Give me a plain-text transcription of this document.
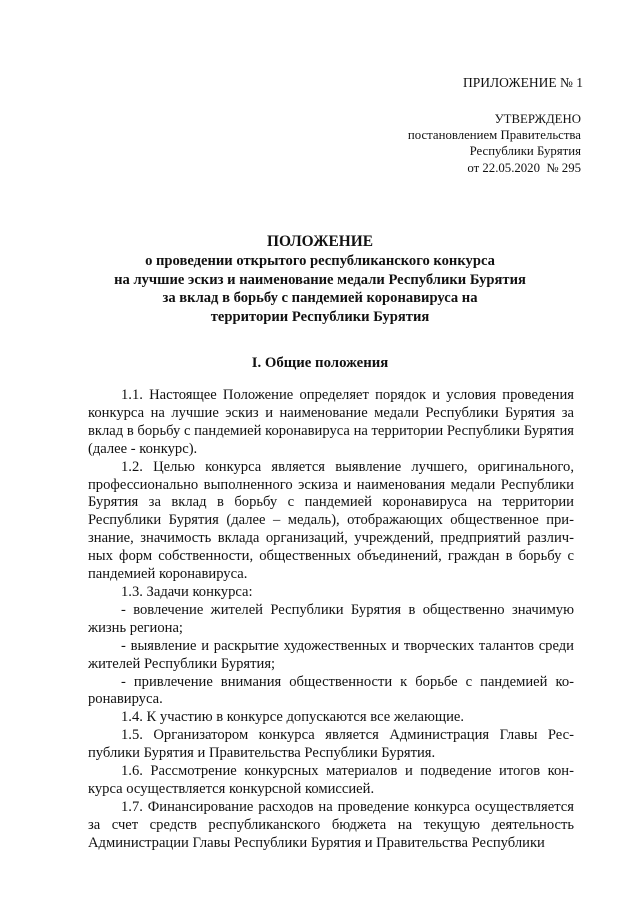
ПРИЛОЖЕНИЕ № 1
УТВЕРЖДЕНО
постановлением Правительства
Республики Бурятия
от 22.05.2020  № 295
ПОЛОЖЕНИЕ
о проведении открытого республиканского конкурса
на лучшие эскиз и наименование медали Республики Бурятия
за вклад в борьбу с пандемией коронавируса на
территории Республики Бурятия
I. Общие положения

1.1. Настоящее Положение определяет порядок и условия проведения конкурса на лучшие эскиз и наименование медали Республики Бурятия за вклад в борьбу с пандемией коронавируса на территории Республики Бурятия (далее - конкурс).

1.2. Целью конкурса является выявление лучшего, оригинального, профессионально выполненного эскиза и наименования медали Республики Бурятия за вклад в борьбу с пандемией коронавируса на территории Республики Бурятия (далее – медаль), отображающих общественное признание, значимость вклада организаций, учреждений, предприятий различных форм собственности, общественных объединений, граждан в борьбу с пандемией коронавируса.

1.3. Задачи конкурса:

- вовлечение жителей Республики Бурятия в общественно значимую жизнь региона;

- выявление и раскрытие художественных и творческих талантов среди жителей Республики Бурятия;

- привлечение внимания общественности к борьбе с пандемией коронавируса.

1.4. К участию в конкурсе допускаются все желающие.

1.5. Организатором конкурса является Администрация Главы Республики Бурятия и Правительства Республики Бурятия.

1.6. Рассмотрение конкурсных материалов и подведение итогов конкурса осуществляется конкурсной комиссией.

1.7. Финансирование расходов на проведение конкурса осуществляется за счет средств республиканского бюджета на текущую деятельность Администрации Главы Республики Бурятия и Правительства Республики
